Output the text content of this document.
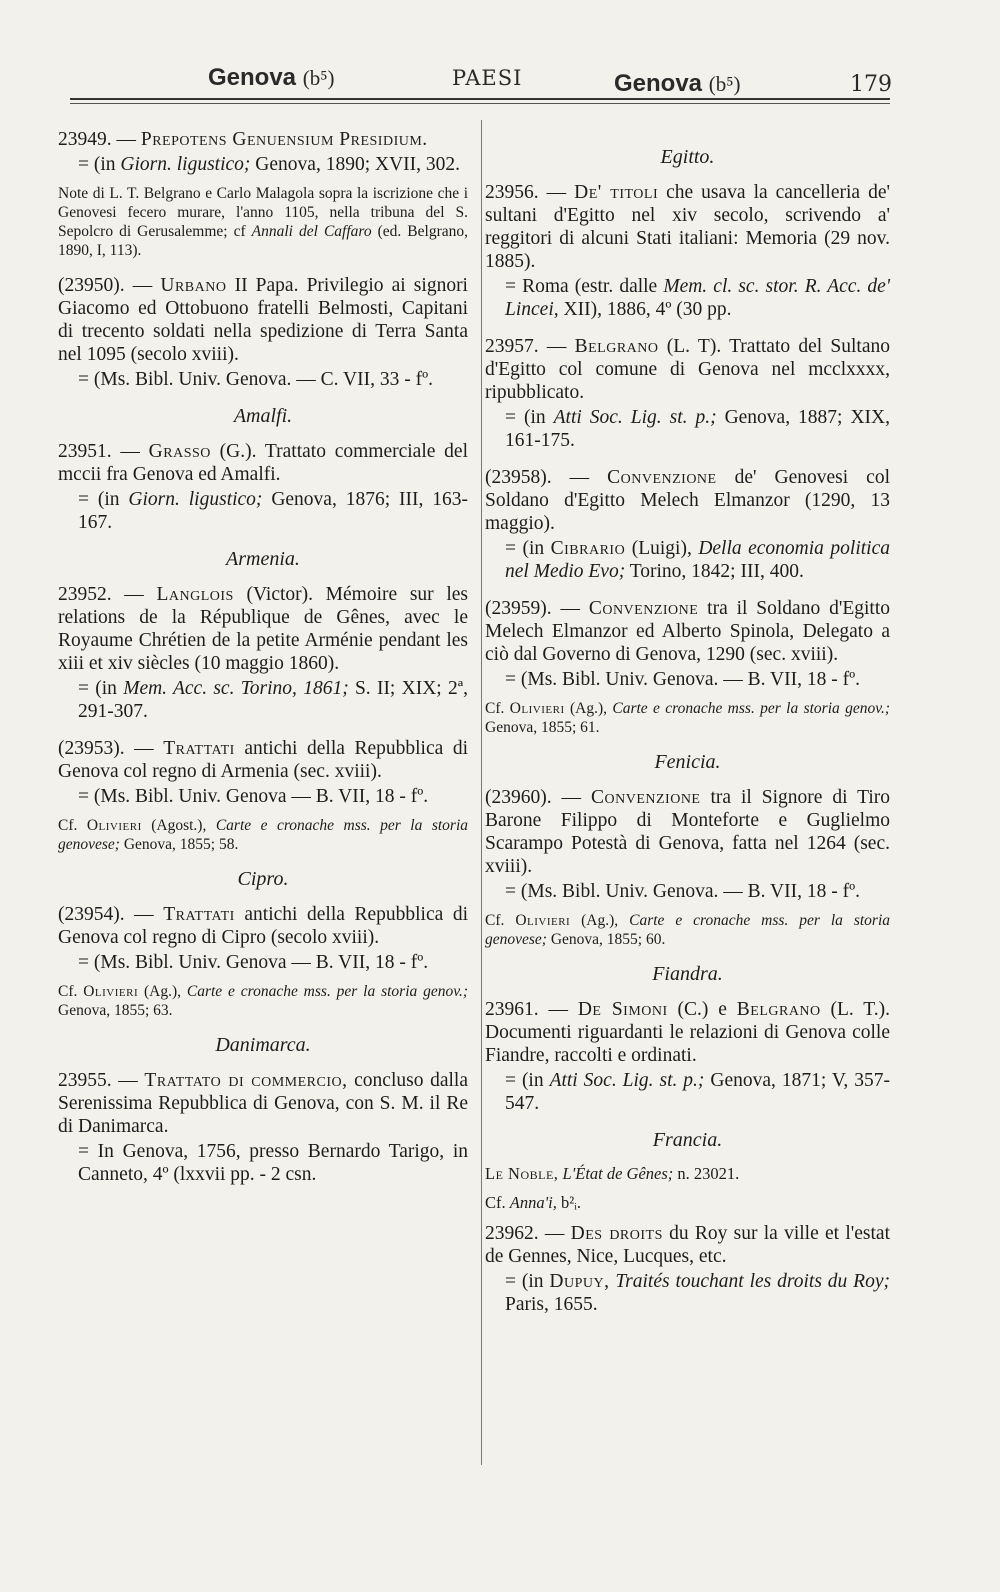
Genova (b⁵)	PAESI	Genova (b⁵)	179
23949. — Prepotens Genuensium Presidium.
= (in Giorn. ligustico; Genova, 1890; XVII, 302.
Note di L. T. Belgrano e Carlo Malagola sopra la iscrizione che i Genovesi fecero murare, l'anno 1105, nella tribuna del S. Sepolcro di Gerusalemme; cf Annali del Caffaro (ed. Belgrano, 1890, I, 113).
(23950). — Urbano II Papa. Privilegio ai signori Giacomo ed Ottobuono fratelli Belmosti, Capitani di trecento soldati nella spedizione di Terra Santa nel 1095 (secolo xviii).
= (Ms. Bibl. Univ. Genova. — C. VII, 33 - fº.
Amalfi.
23951. — Grasso (G.). Trattato commerciale del mccii fra Genova ed Amalfi.
= (in Giorn. ligustico; Genova, 1876; III, 163-167.
Armenia.
23952. — Langlois (Victor). Mémoire sur les relations de la République de Gênes, avec le Royaume Chrétien de la petite Arménie pendant les xiii et xiv siècles (10 maggio 1860).
= (in Mem. Acc. sc. Torino, 1861; S. II; XIX; 2ª, 291-307.
(23953). — Trattati antichi della Repubblica di Genova col regno di Armenia (sec. xviii).
= (Ms. Bibl. Univ. Genova — B. VII, 18 - fº.
Cf. Olivieri (Agost.), Carte e cronache mss. per la storia genovese; Genova, 1855; 58.
Cipro.
(23954). — Trattati antichi della Repubblica di Genova col regno di Cipro (secolo xviii).
= (Ms. Bibl. Univ. Genova — B. VII, 18 - fº.
Cf. Olivieri (Ag.), Carte e cronache mss. per la storia genov.; Genova, 1855; 63.
Danimarca.
23955. — Trattato di commercio, concluso dalla Serenissima Repubblica di Genova, con S. M. il Re di Danimarca.
= In Genova, 1756, presso Bernardo Tarigo, in Canneto, 4º (lxxvii pp. - 2 csn.
Egitto.
23956. — De' titoli che usava la cancelleria de' sultani d'Egitto nel xiv secolo, scrivendo a' reggitori di alcuni Stati italiani: Memoria (29 nov. 1885).
= Roma (estr. dalle Mem. cl. sc. stor. R. Acc. de' Lincei, XII), 1886, 4º (30 pp.
23957. — Belgrano (L. T). Trattato del Sultano d'Egitto col comune di Genova nel mcclxxxx, ripubblicato.
= (in Atti Soc. Lig. st. p.; Genova, 1887; XIX, 161-175.
(23958). — Convenzione de' Genovesi col Soldano d'Egitto Melech Elmanzor (1290, 13 maggio).
= (in Cibrario (Luigi), Della economia politica nel Medio Evo; Torino, 1842; III, 400.
(23959). — Convenzione tra il Soldano d'Egitto Melech Elmanzor ed Alberto Spinola, Delegato a ciò dal Governo di Genova, 1290 (sec. xviii).
= (Ms. Bibl. Univ. Genova. — B. VII, 18 - fº.
Cf. Olivieri (Ag.), Carte e cronache mss. per la storia genov.; Genova, 1855; 61.
Fenicia.
(23960). — Convenzione tra il Signore di Tiro Barone Filippo di Monteforte e Guglielmo Scarampo Potestà di Genova, fatta nel 1264 (sec. xviii).
= (Ms. Bibl. Univ. Genova. — B. VII, 18 - fº.
Cf. Olivieri (Ag.), Carte e cronache mss. per la storia genovese; Genova, 1855; 60.
Fiandra.
23961. — De Simoni (C.) e Belgrano (L. T.). Documenti riguardanti le relazioni di Genova colle Fiandre, raccolti e ordinati.
= (in Atti Soc. Lig. st. p.; Genova, 1871; V, 357-547.
Francia.
Le Noble, L'État de Gênes; n. 23021.
Cf. Anna'i, b²ᵢ.
23962. — Des droits du Roy sur la ville et l'estat de Gennes, Nice, Lucques, etc.
= (in Dupuy, Traités touchant les droits du Roy; Paris, 1655.
